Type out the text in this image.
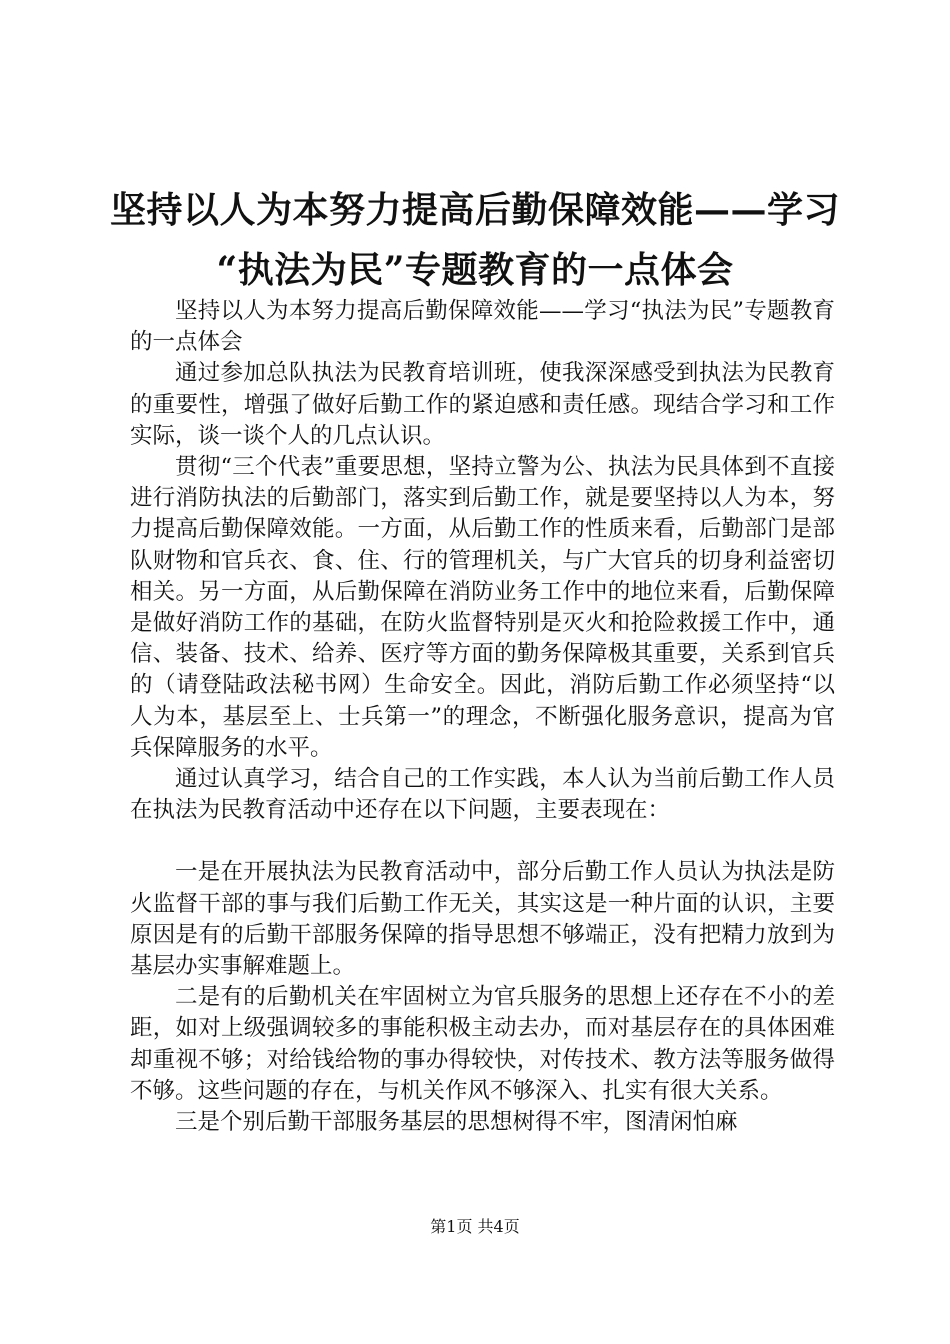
坚持以人为本努力提高后勤保障效能——学习
“执法为民”专题教育的一点体会

坚持以人为本努力提高后勤保障效能——学习“执法为民”专题教育的一点体会

通过参加总队执法为民教育培训班，使我深深感受到执法为民教育的重要性，增强了做好后勤工作的紧迫感和责任感。现结合学习和工作实际，谈一谈个人的几点认识。

贯彻“三个代表”重要思想，坚持立警为公、执法为民具体到不直接进行消防执法的后勤部门，落实到后勤工作，就是要坚持以人为本，努力提高后勤保障效能。一方面，从后勤工作的性质来看，后勤部门是部队财物和官兵衣、食、住、行的管理机关，与广大官兵的切身利益密切相关。另一方面，从后勤保障在消防业务工作中的地位来看，后勤保障是做好消防工作的基础，在防火监督特别是灭火和抢险救援工作中，通信、装备、技术、给养、医疗等方面的勤务保障极其重要，关系到官兵的（请登陆政法秘书网）生命安全。因此，消防后勤工作必须坚持“以人为本，基层至上、士兵第一”的理念，不断强化服务意识，提高为官兵保障服务的水平。

通过认真学习，结合自己的工作实践，本人认为当前后勤工作人员在执法为民教育活动中还存在以下问题，主要表现在：

一是在开展执法为民教育活动中，部分后勤工作人员认为执法是防火监督干部的事与我们后勤工作无关，其实这是一种片面的认识，主要原因是有的后勤干部服务保障的指导思想不够端正，没有把精力放到为基层办实事解难题上。

二是有的后勤机关在牢固树立为官兵服务的思想上还存在不小的差距，如对上级强调较多的事能积极主动去办，而对基层存在的具体困难却重视不够；对给钱给物的事办得较快，对传技术、教方法等服务做得不够。这些问题的存在，与机关作风不够深入、扎实有很大关系。

三是个别后勤干部服务基层的思想树得不牢，图清闲怕麻

第1页 共4页
